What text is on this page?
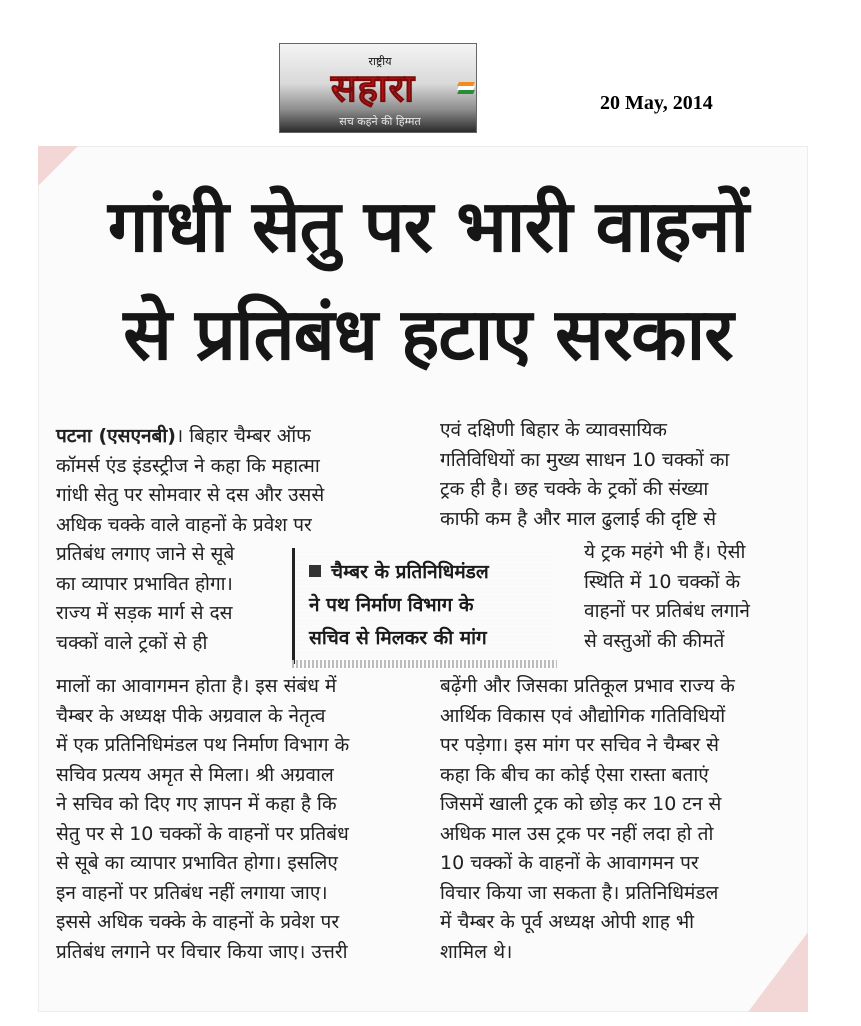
राष्ट्रीय
सहारा
सच कहने की हिम्मत
20 May, 2014
गांधी सेतु पर भारी वाहनों
से प्रतिबंध हटाए सरकार

पटना (एसएनबी)। बिहार चैम्बर ऑफ

कॉमर्स एंड इंडस्ट्रीज ने कहा कि महात्मा

गांधी सेतु पर सोमवार से दस और उससे

अधिक चक्के वाले वाहनों के प्रवेश पर

प्रतिबंध लगाए जाने से सूबे

का व्यापार प्रभावित होगा।

राज्य में सड़क मार्ग से दस

चक्कों वाले ट्रकों से ही

मालों का आवागमन होता है। इस संबंध में

चैम्बर के अध्यक्ष पीके अग्रवाल के नेतृत्व

में एक प्रतिनिधिमंडल पथ निर्माण विभाग के

सचिव प्रत्यय अमृत से मिला। श्री अग्रवाल

ने सचिव को दिए गए ज्ञापन में कहा है कि

सेतु पर से 10 चक्कों के वाहनों पर प्रतिबंध

से सूबे का व्यापार प्रभावित होगा। इसलिए

इन वाहनों पर प्रतिबंध नहीं लगाया जाए।

इससे अधिक चक्के के वाहनों के प्रवेश पर

प्रतिबंध लगाने पर विचार किया जाए। उत्तरी

एवं दक्षिणी बिहार के व्यावसायिक

गतिविधियों का मुख्य साधन 10 चक्कों का

ट्रक ही है। छह चक्के के ट्रकों की संख्या

काफी कम है और माल ढुलाई की दृष्टि से

ये ट्रक महंगे भी हैं। ऐसी

स्थिति में 10 चक्कों के

वाहनों पर प्रतिबंध लगाने

से वस्तुओं की कीमतें

बढ़ेंगी और जिसका प्रतिकूल प्रभाव राज्य के

आर्थिक विकास एवं औद्योगिक गतिविधियों

पर पड़ेगा। इस मांग पर सचिव ने चैम्बर से

कहा कि बीच का कोई ऐसा रास्ता बताएं

जिसमें खाली ट्रक को छोड़ कर 10 टन से

अधिक माल उस ट्रक पर नहीं लदा हो तो

10 चक्कों के वाहनों के आवागमन पर

विचार किया जा सकता है। प्रतिनिधिमंडल

में चैम्बर के पूर्व अध्यक्ष ओपी शाह भी

शामिल थे।

चैम्बर के प्रतिनिधिमंडल

ने पथ निर्माण विभाग के

सचिव से मिलकर की मांग
